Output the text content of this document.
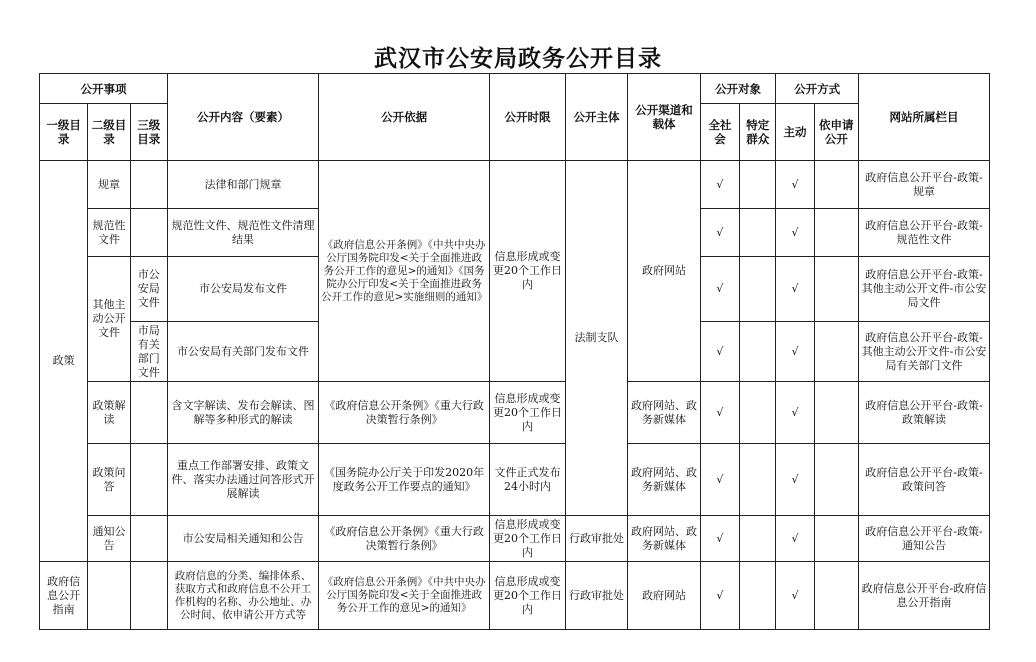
武汉市公安局政务公开目录
公开事项			公开内容（要素）	公开依据	公开时限	公开主体	公开渠道和载体	公开对象		公开方式		网站所属栏目
一级目录	二级目录	三级目录						全社会	特定群众	主动	依申请公开	
政策	规章		法律和部门规章	《政府信息公开条例》《中共中央办公厅国务院印发<关于全面推进政务公开工作的意见>的通知》《国务院办公厅印发<关于全面推进政务公开工作的意见>实施细则的通知》	信息形成或变更20个工作日内	法制支队	政府网站	√		√		政府信息公开平台-政策-规章
	规范性文件		规范性文件、规范性文件清理结果					√		√		政府信息公开平台-政策-规范性文件
	其他主动公开文件	市公安局文件	市公安局发布文件					√		√		政府信息公开平台-政策-其他主动公开文件-市公安局文件
		市局有关部门文件	市公安局有关部门发布文件					√		√		政府信息公开平台-政策-其他主动公开文件-市公安局有关部门文件
	政策解读		含文字解读、发布会解读、图解等多种形式的解读	《政府信息公开条例》《重大行政决策暂行条例》	信息形成或变更20个工作日内		政府网站、政务新媒体	√		√		政府信息公开平台-政策-政策解读
	政策问答		重点工作部署安排、政策文件、落实办法通过问答形式开展解读	《国务院办公厅关于印发2020年度政务公开工作要点的通知》	文件正式发布24小时内		政府网站、政务新媒体	√		√		政府信息公开平台-政策-政策问答
	通知公告		市公安局相关通知和公告	《政府信息公开条例》《重大行政决策暂行条例》	信息形成或变更20个工作日内	行政审批处	政府网站、政务新媒体	√		√		政府信息公开平台-政策-通知公告
政府信息公开指南			政府信息的分类、编排体系、获取方式和政府信息不公开工作机构的名称、办公地址、办公时间、依申请公开方式等	《政府信息公开条例》《中共中央办公厅国务院印发<关于全面推进政务公开工作的意见>的通知》	信息形成或变更20个工作日内	行政审批处	政府网站	√		√		政府信息公开平台-政府信息公开指南
